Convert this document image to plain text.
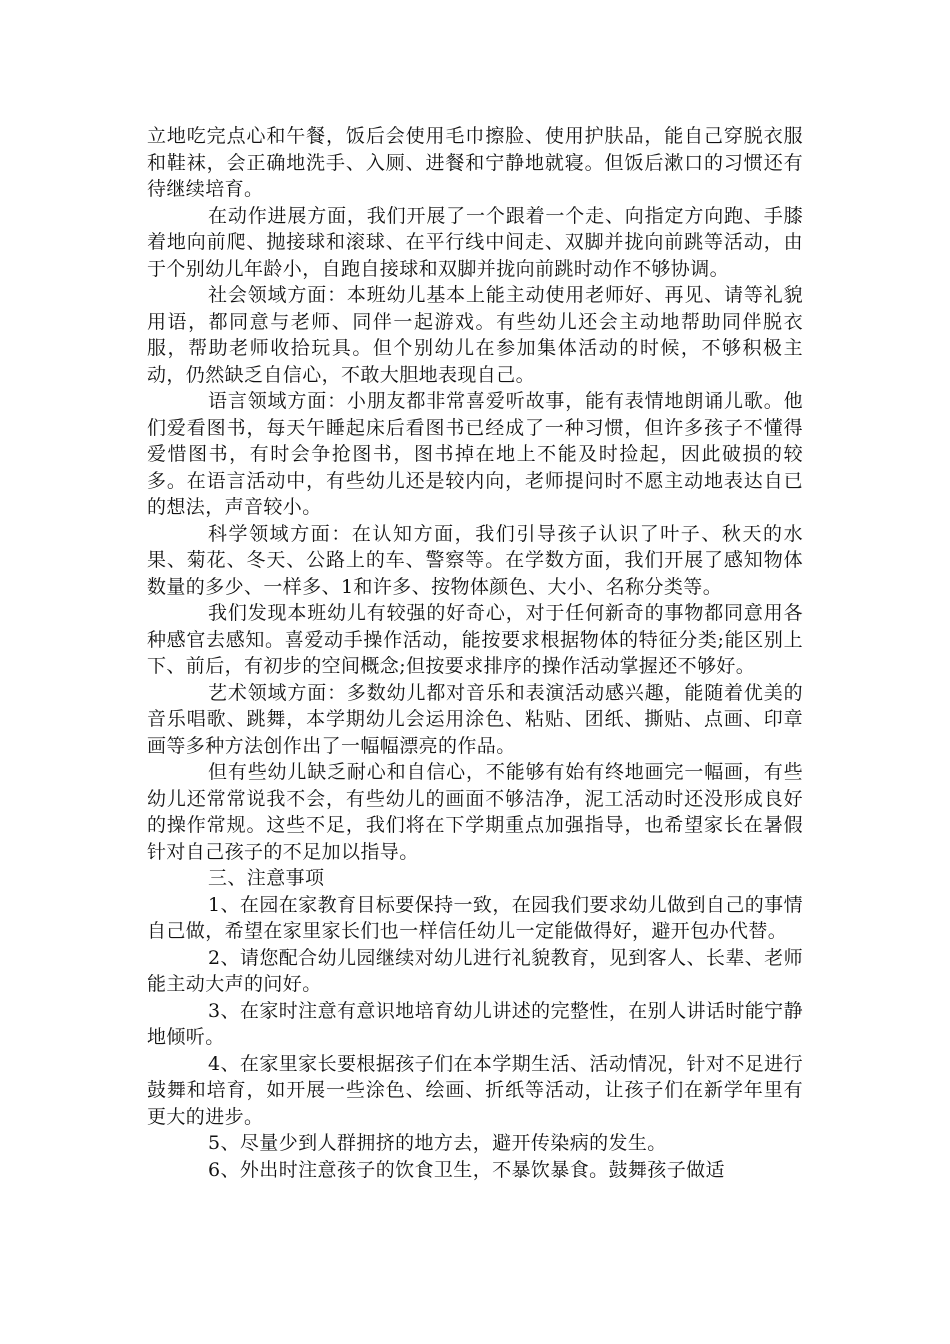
立地吃完点心和午餐，饭后会使用毛巾擦脸、使用护肤品，能自己穿脱衣服和鞋袜，会正确地洗手、入厕、进餐和宁静地就寝。但饭后漱口的习惯还有待继续培育。

在动作进展方面，我们开展了一个跟着一个走、向指定方向跑、手膝着地向前爬、抛接球和滚球、在平行线中间走、双脚并拢向前跳等活动，由于个别幼儿年龄小，自跑自接球和双脚并拢向前跳时动作不够协调。

社会领域方面：本班幼儿基本上能主动使用老师好、再见、请等礼貌用语，都同意与老师、同伴一起游戏。有些幼儿还会主动地帮助同伴脱衣服，帮助老师收拾玩具。但个别幼儿在参加集体活动的时候，不够积极主动，仍然缺乏自信心，不敢大胆地表现自己。

语言领域方面：小朋友都非常喜爱听故事，能有表情地朗诵儿歌。他们爱看图书，每天午睡起床后看图书已经成了一种习惯，但许多孩子不懂得爱惜图书，有时会争抢图书，图书掉在地上不能及时捡起，因此破损的较多。在语言活动中，有些幼儿还是较内向，老师提问时不愿主动地表达自已的想法，声音较小。

科学领域方面：在认知方面，我们引导孩子认识了叶子、秋天的水果、菊花、冬天、公路上的车、警察等。在学数方面，我们开展了感知物体数量的多少、一样多、1和许多、按物体颜色、大小、名称分类等。

我们发现本班幼儿有较强的好奇心，对于任何新奇的事物都同意用各种感官去感知。喜爱动手操作活动，能按要求根据物体的特征分类;能区别上下、前后，有初步的空间概念;但按要求排序的操作活动掌握还不够好。

艺术领域方面：多数幼儿都对音乐和表演活动感兴趣，能随着优美的音乐唱歌、跳舞，本学期幼儿会运用涂色、粘贴、团纸、撕贴、点画、印章画等多种方法创作出了一幅幅漂亮的作品。

但有些幼儿缺乏耐心和自信心，不能够有始有终地画完一幅画，有些幼儿还常常说我不会，有些幼儿的画面不够洁净，泥工活动时还没形成良好的操作常规。这些不足，我们将在下学期重点加强指导，也希望家长在暑假针对自己孩子的不足加以指导。

三、注意事项

1、在园在家教育目标要保持一致，在园我们要求幼儿做到自己的事情自己做，希望在家里家长们也一样信任幼儿一定能做得好，避开包办代替。

2、请您配合幼儿园继续对幼儿进行礼貌教育，见到客人、长辈、老师能主动大声的问好。

3、在家时注意有意识地培育幼儿讲述的完整性，在别人讲话时能宁静地倾听。

4、在家里家长要根据孩子们在本学期生活、活动情况，针对不足进行鼓舞和培育，如开展一些涂色、绘画、折纸等活动，让孩子们在新学年里有更大的进步。

5、尽量少到人群拥挤的地方去，避开传染病的发生。

6、外出时注意孩子的饮食卫生，不暴饮暴食。鼓舞孩子做适
